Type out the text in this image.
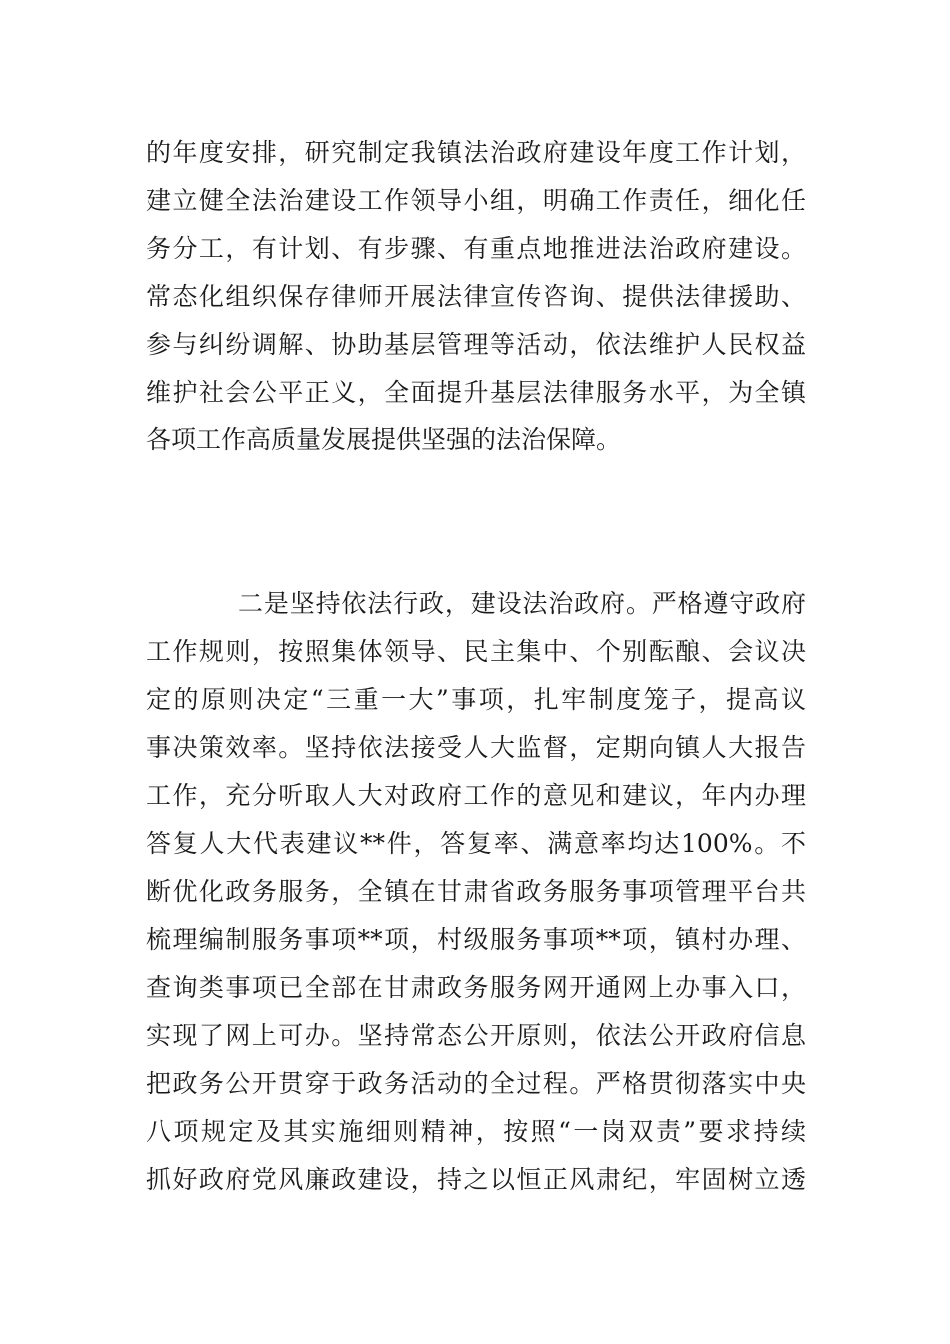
的年度安排，研究制定我镇法治政府建设年度工作计划，
建立健全法治建设工作领导小组，明确工作责任，细化任
务分工，有计划、有步骤、有重点地推进法治政府建设。
常态化组织保存律师开展法律宣传咨询、提供法律援助、
参与纠纷调解、协助基层管理等活动，依法维护人民权益
维护社会公平正义，全面提升基层法律服务水平，为全镇
各项工作高质量发展提供坚强的法治保障。
二是坚持依法行政，建设法治政府。严格遵守政府
工作规则，按照集体领导、民主集中、个别酝酿、会议决
定的原则决定“三重一大”事项，扎牢制度笼子，提高议
事决策效率。坚持依法接受人大监督，定期向镇人大报告
工作，充分听取人大对政府工作的意见和建议，年内办理
答复人大代表建议**件，答复率、满意率均达100%。不
断优化政务服务，全镇在甘肃省政务服务事项管理平台共
梳理编制服务事项**项，村级服务事项**项，镇村办理、
查询类事项已全部在甘肃政务服务网开通网上办事入口，
实现了网上可办。坚持常态公开原则，依法公开政府信息
把政务公开贯穿于政务活动的全过程。严格贯彻落实中央
八项规定及其实施细则精神，按照“一岗双责”要求持续
抓好政府党风廉政建设，持之以恒正风肃纪，牢固树立透
